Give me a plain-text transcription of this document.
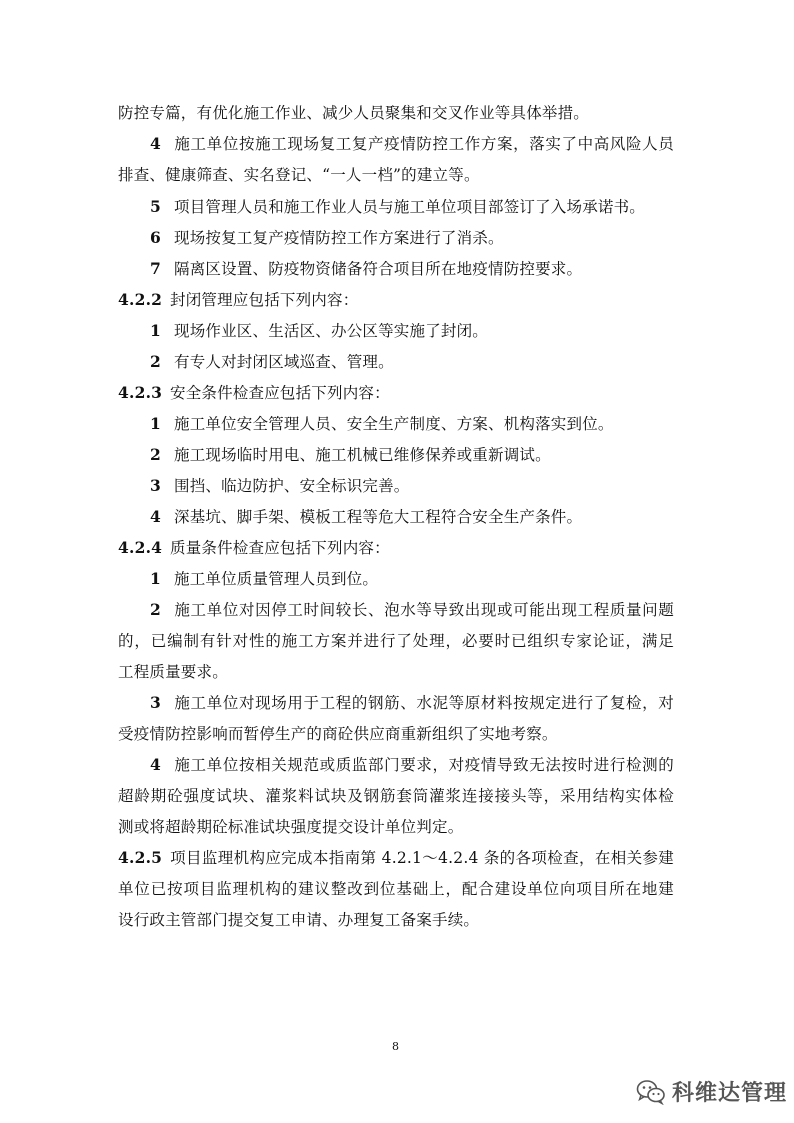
防控专篇，有优化施工作业、减少人员聚集和交叉作业等具体举措。
4 施工单位按施工现场复工复产疫情防控工作方案，落实了中高风险人员
排查、健康筛查、实名登记、“一人一档”的建立等。
5 项目管理人员和施工作业人员与施工单位项目部签订了入场承诺书。
6 现场按复工复产疫情防控工作方案进行了消杀。
7 隔离区设置、防疫物资储备符合项目所在地疫情防控要求。
4.2.2 封闭管理应包括下列内容：
1 现场作业区、生活区、办公区等实施了封闭。
2 有专人对封闭区域巡查、管理。
4.2.3 安全条件检查应包括下列内容：
1 施工单位安全管理人员、安全生产制度、方案、机构落实到位。
2 施工现场临时用电、施工机械已维修保养或重新调试。
3 围挡、临边防护、安全标识完善。
4 深基坑、脚手架、模板工程等危大工程符合安全生产条件。
4.2.4 质量条件检查应包括下列内容：
1 施工单位质量管理人员到位。
2 施工单位对因停工时间较长、泡水等导致出现或可能出现工程质量问题
的，已编制有针对性的施工方案并进行了处理，必要时已组织专家论证，满足
工程质量要求。
3 施工单位对现场用于工程的钢筋、水泥等原材料按规定进行了复检，对
受疫情防控影响而暂停生产的商砼供应商重新组织了实地考察。
4 施工单位按相关规范或质监部门要求，对疫情导致无法按时进行检测的
超龄期砼强度试块、灌浆料试块及钢筋套筒灌浆连接接头等，采用结构实体检
测或将超龄期砼标准试块强度提交设计单位判定。
4.2.5 项目监理机构应完成本指南第 4.2.1～4.2.4 条的各项检查，在相关参建
单位已按项目监理机构的建议整改到位基础上，配合建设单位向项目所在地建
设行政主管部门提交复工申请、办理复工备案手续。
8
科维达管理
